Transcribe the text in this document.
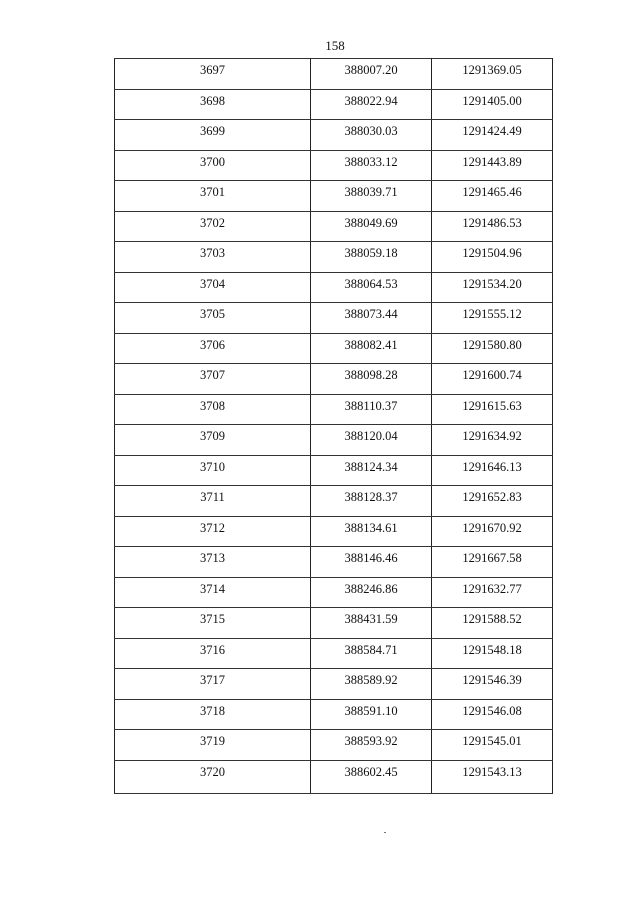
158
3697	388007.20	1291369.05

3698	388022.94	1291405.00

3699	388030.03	1291424.49

3700	388033.12	1291443.89

3701	388039.71	1291465.46

3702	388049.69	1291486.53

3703	388059.18	1291504.96

3704	388064.53	1291534.20

3705	388073.44	1291555.12

3706	388082.41	1291580.80

3707	388098.28	1291600.74

3708	388110.37	1291615.63

3709	388120.04	1291634.92

3710	388124.34	1291646.13

3711	388128.37	1291652.83

3712	388134.61	1291670.92

3713	388146.46	1291667.58

3714	388246.86	1291632.77

3715	388431.59	1291588.52

3716	388584.71	1291548.18

3717	388589.92	1291546.39

3718	388591.10	1291546.08

3719	388593.92	1291545.01

3720	388602.45	1291543.13
